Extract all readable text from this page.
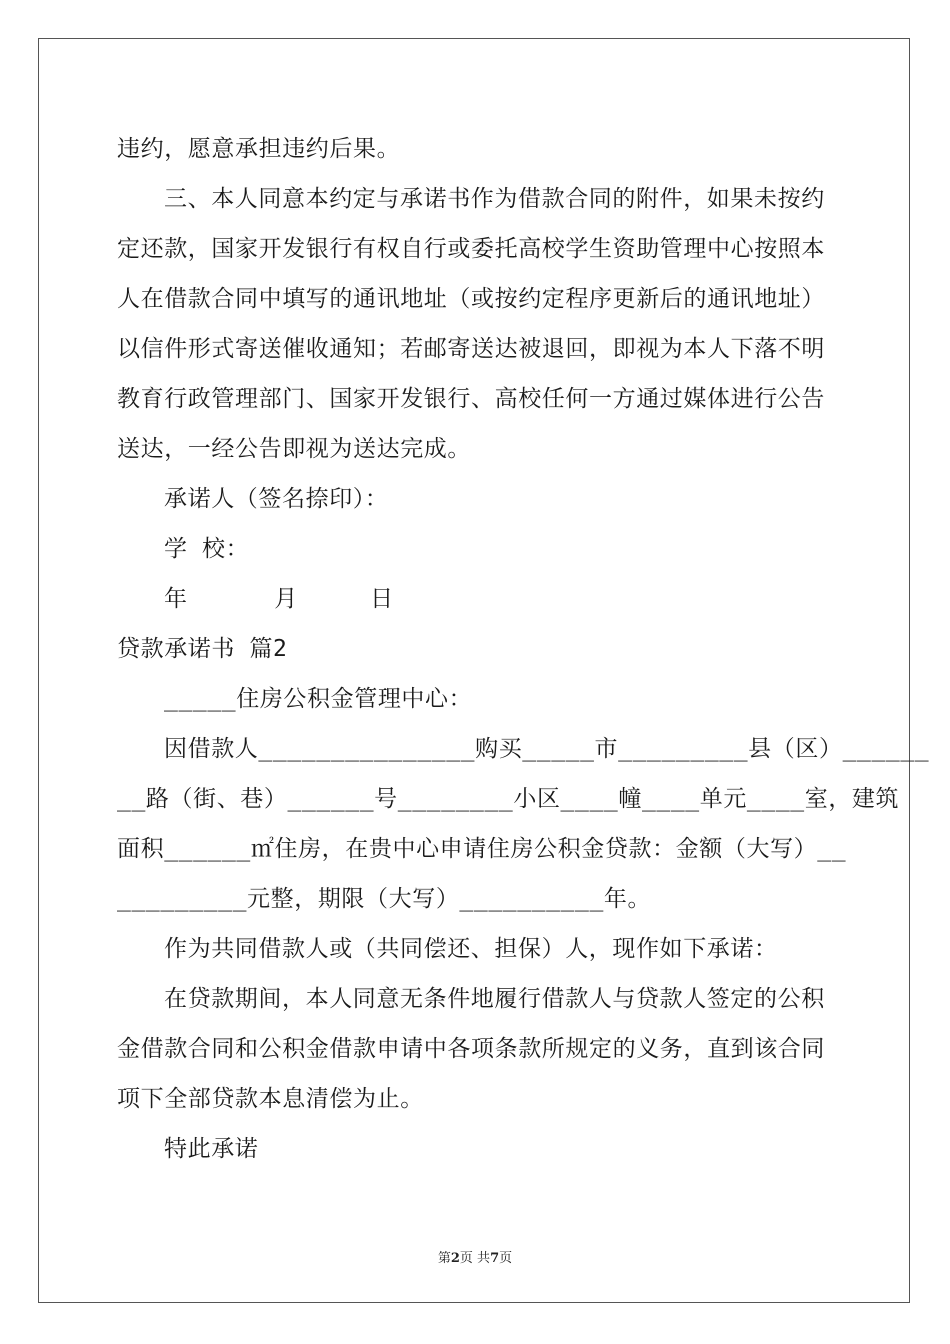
违约，愿意承担违约后果。
三、本人同意本约定与承诺书作为借款合同的附件，如果未按约
定还款，国家开发银行有权自行或委托高校学生资助管理中心按照本
人在借款合同中填写的通讯地址（或按约定程序更新后的通讯地址）
以信件形式寄送催收通知；若邮寄送达被退回，即视为本人下落不明
教育行政管理部门、国家开发银行、高校任何一方通过媒体进行公告
送达，一经公告即视为送达完成。
承诺人（签名捺印）：
学 校：
年      月     日
贷款承诺书 篇2
_____住房公积金管理中心：
因借款人_______________购买_____市_________县（区）______
__路（街、巷）______号________小区____幢____单元____室，建筑
面积______㎡住房，在贵中心申请住房公积金贷款：金额（大写）__
_________元整，期限（大写）__________年。
作为共同借款人或（共同偿还、担保）人，现作如下承诺：
在贷款期间，本人同意无条件地履行借款人与贷款人签定的公积
金借款合同和公积金借款申请中各项条款所规定的义务，直到该合同
项下全部贷款本息清偿为止。
特此承诺
第2页 共7页
